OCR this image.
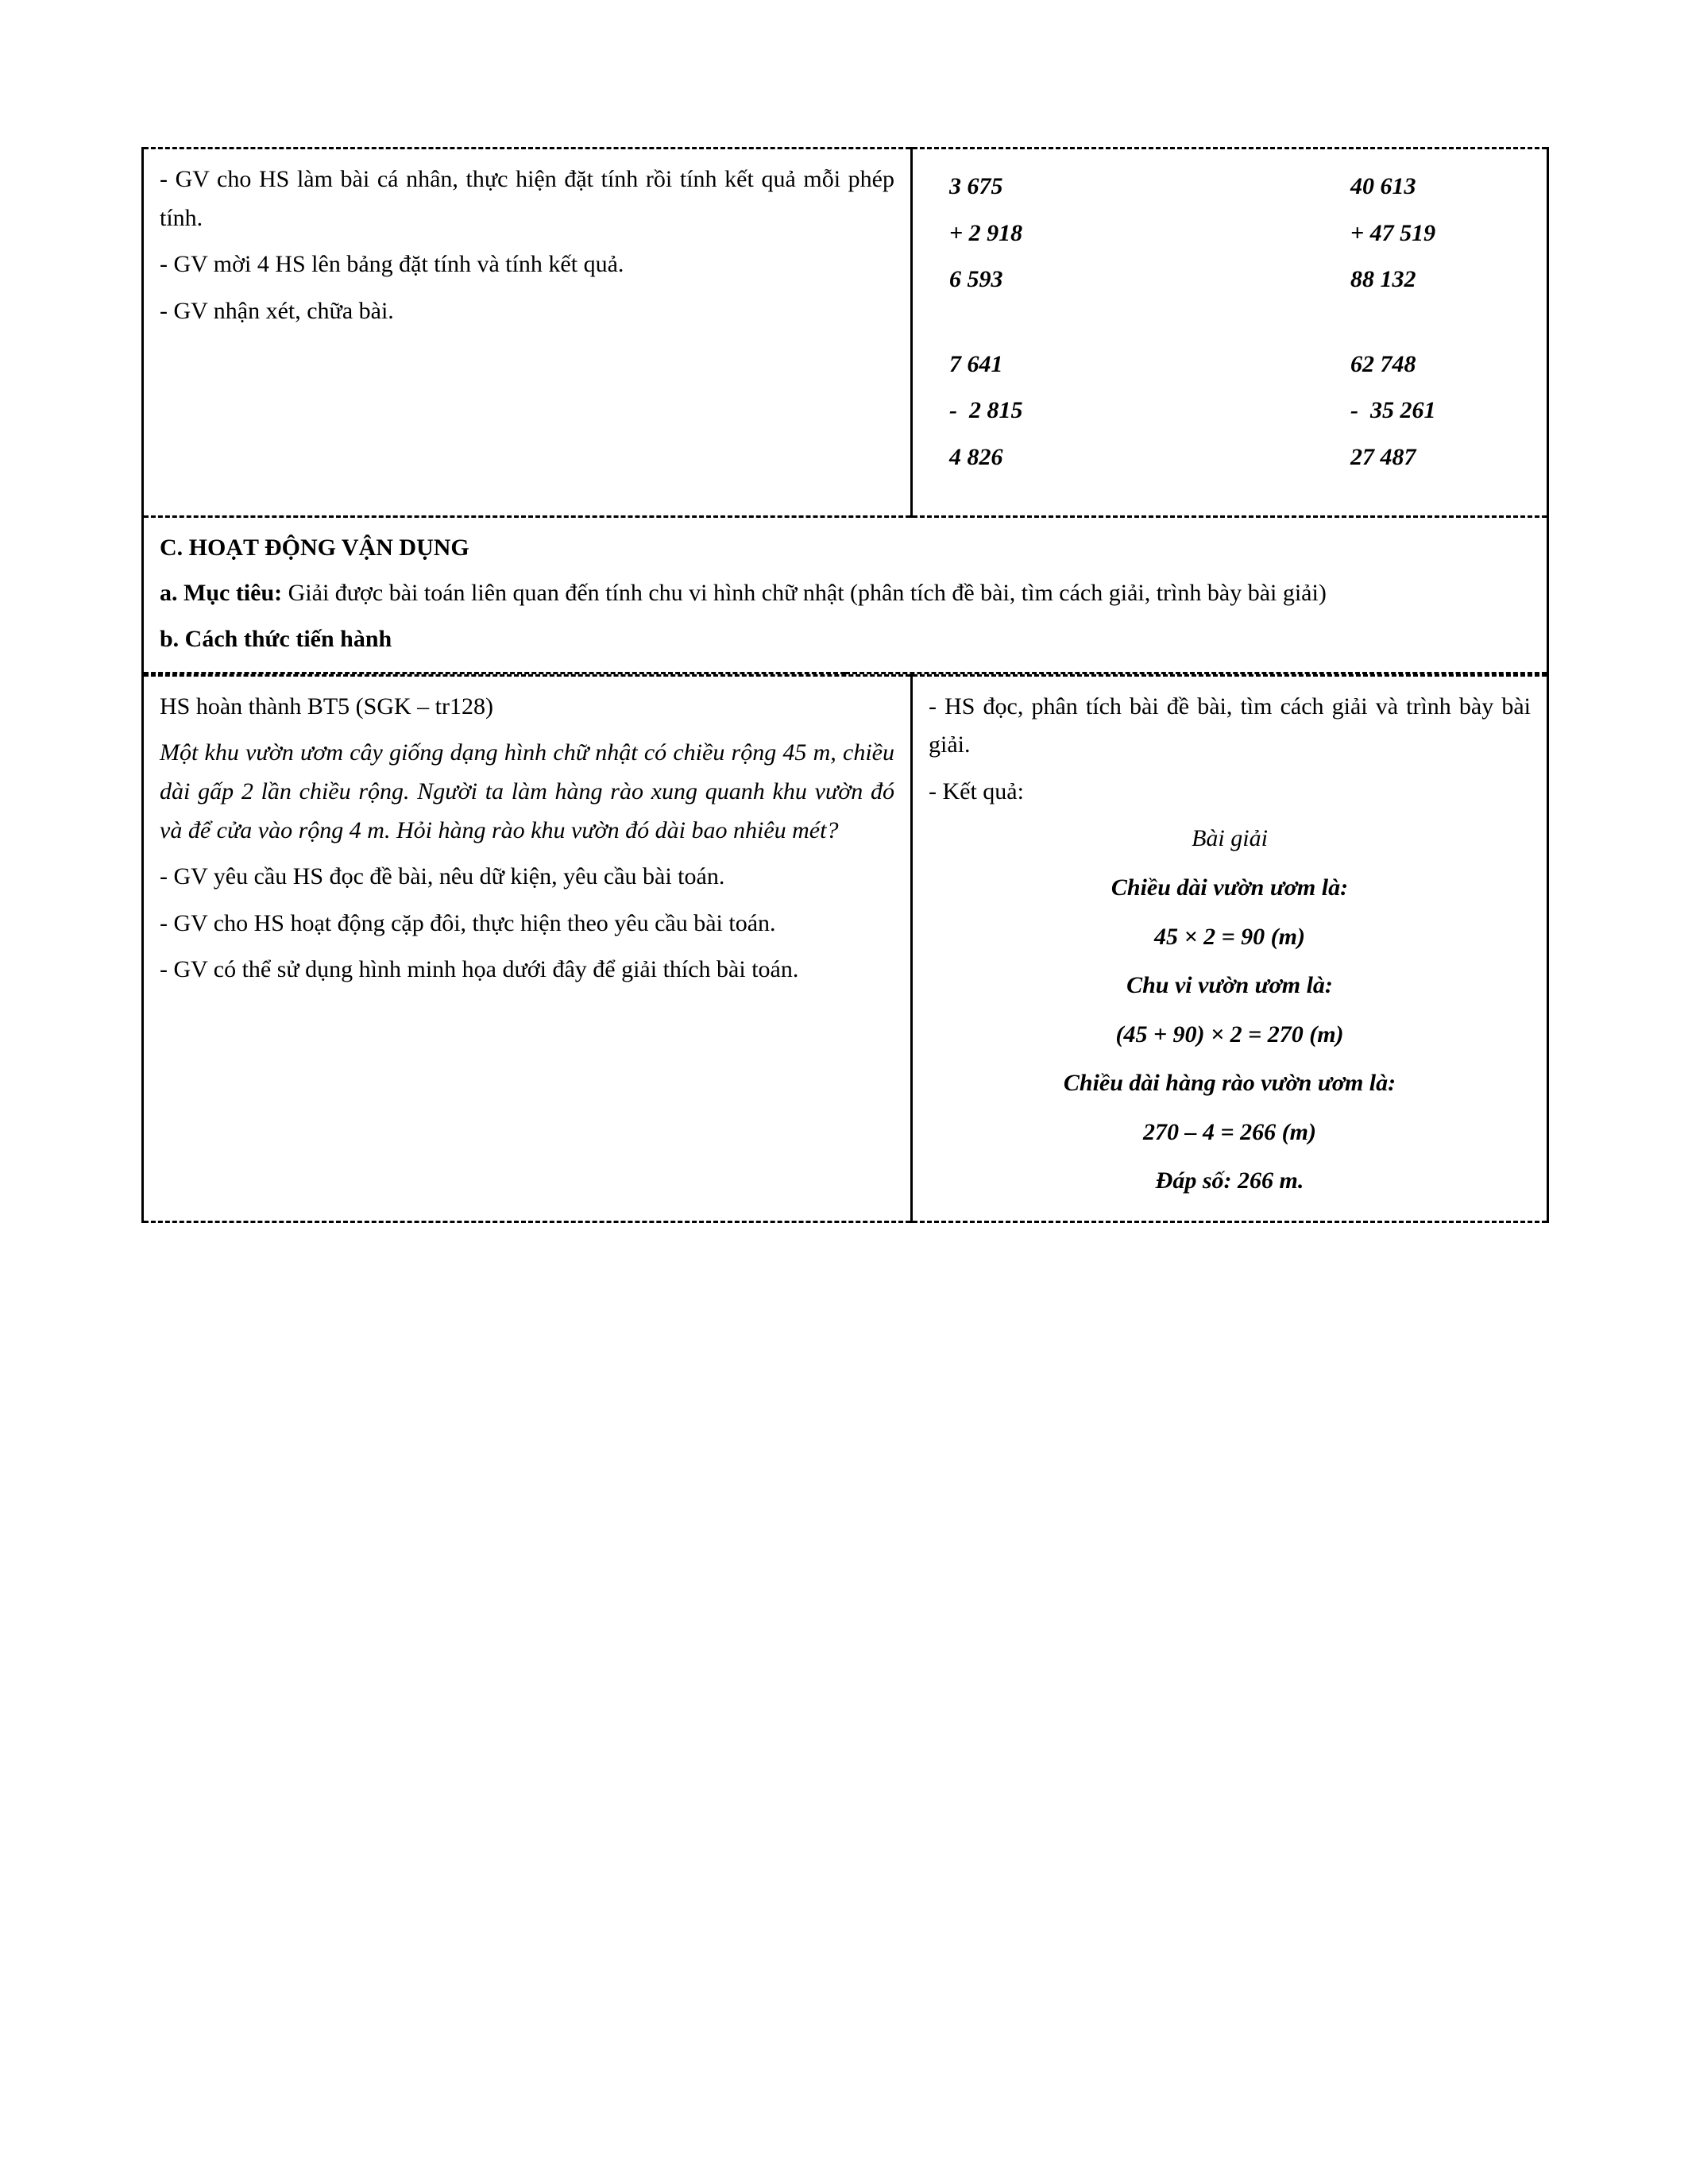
- GV cho HS làm bài cá nhân, thực hiện đặt tính rồi tính kết quả mỗi phép tính.

- GV mời 4 HS lên bảng đặt tính và tính kết quả.

- GV nhận xét, chữa bài.

3 675
+ 2 918
6 593
40 613
+ 47 519
88 132
7 641
-  2 815
4 826
62 748
-  35 261
27 487

C. HOẠT ĐỘNG VẬN DỤNG

a. Mục tiêu: Giải được bài toán liên quan đến tính chu vi hình chữ nhật (phân tích đề bài, tìm cách giải, trình bày bài giải)

b. Cách thức tiến hành

HS hoàn thành BT5 (SGK – tr128)

Một khu vườn ươm cây giống dạng hình chữ nhật có chiều rộng 45 m, chiều dài gấp 2 lần chiều rộng. Người ta làm hàng rào xung quanh khu vườn đó và để cửa vào rộng 4 m. Hỏi hàng rào khu vườn đó dài bao nhiêu mét?

- GV yêu cầu HS đọc đề bài, nêu dữ kiện, yêu cầu bài toán.

- GV cho HS hoạt động cặp đôi, thực hiện theo yêu cầu bài toán.

- GV có thể sử dụng hình minh họa dưới đây để giải thích bài toán.

- HS đọc, phân tích bài đề bài, tìm cách giải và trình bày bài giải.

- Kết quả:

Bài giải

Chiều dài vườn ươm là:

45 × 2 = 90 (m)

Chu vi vườn ươm là:

(45 + 90) × 2 = 270 (m)

Chiều dài hàng rào vườn ươm là:

270 – 4 = 266 (m)

Đáp số: 266 m.
